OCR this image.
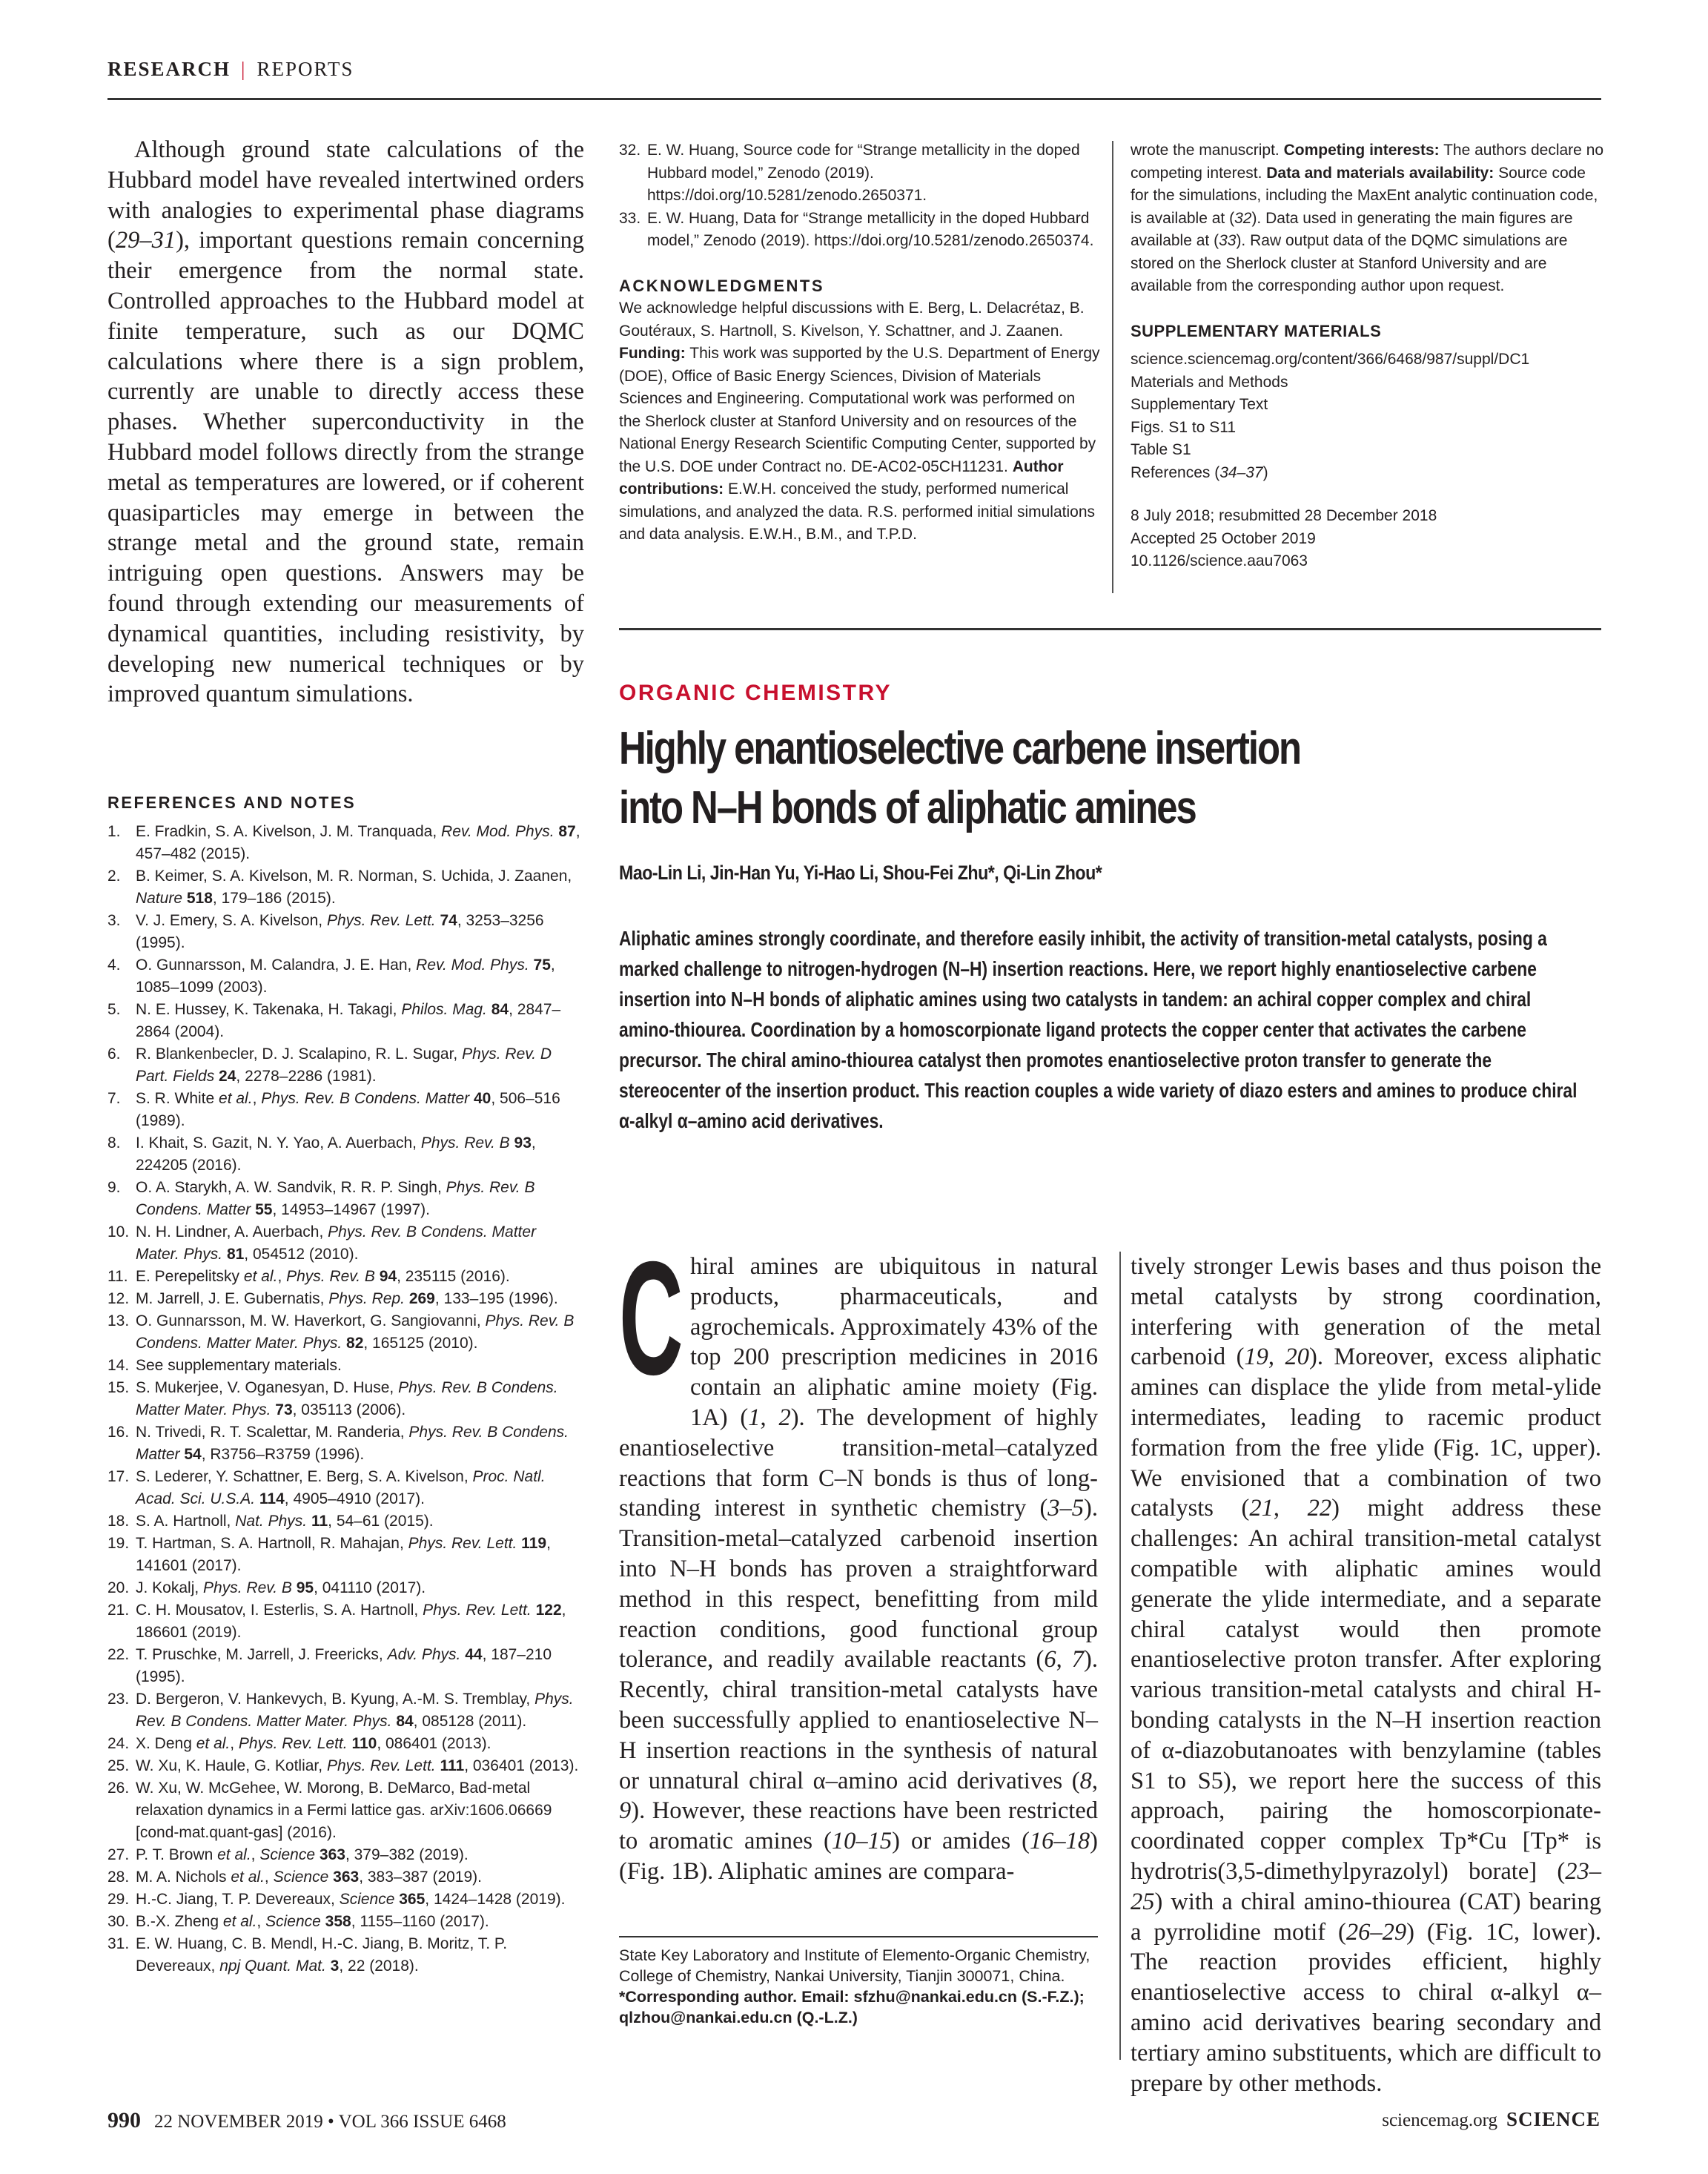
RESEARCH | REPORTS

Although ground state calculations of the Hubbard model have revealed intertwined orders with analogies to experimental phase diagrams (29–31), important questions remain concerning their emergence from the normal state. Controlled approaches to the Hubbard model at finite temperature, such as our DQMC calculations where there is a sign problem, currently are unable to directly access these phases. Whether superconductivity in the Hubbard model follows directly from the strange metal as temperatures are lowered, or if coherent quasiparticles may emerge in between the strange metal and the ground state, remain intriguing open questions. Answers may be found through extending our measurements of dynamical quantities, including resistivity, by developing new numerical techniques or by improved quantum simulations.

REFERENCES AND NOTES
1. E. Fradkin, S. A. Kivelson, J. M. Tranquada, Rev. Mod. Phys. 87, 457–482 (2015).
2. B. Keimer, S. A. Kivelson, M. R. Norman, S. Uchida, J. Zaanen, Nature 518, 179–186 (2015).
3. V. J. Emery, S. A. Kivelson, Phys. Rev. Lett. 74, 3253–3256 (1995).
4. O. Gunnarsson, M. Calandra, J. E. Han, Rev. Mod. Phys. 75, 1085–1099 (2003).
5. N. E. Hussey, K. Takenaka, H. Takagi, Philos. Mag. 84, 2847–2864 (2004).
6. R. Blankenbecler, D. J. Scalapino, R. L. Sugar, Phys. Rev. D Part. Fields 24, 2278–2286 (1981).
7. S. R. White et al., Phys. Rev. B Condens. Matter 40, 506–516 (1989).
8. I. Khait, S. Gazit, N. Y. Yao, A. Auerbach, Phys. Rev. B 93, 224205 (2016).
9. O. A. Starykh, A. W. Sandvik, R. R. P. Singh, Phys. Rev. B Condens. Matter 55, 14953–14967 (1997).
10. N. H. Lindner, A. Auerbach, Phys. Rev. B Condens. Matter Mater. Phys. 81, 054512 (2010).
11. E. Perepelitsky et al., Phys. Rev. B 94, 235115 (2016).
12. M. Jarrell, J. E. Gubernatis, Phys. Rep. 269, 133–195 (1996).
13. O. Gunnarsson, M. W. Haverkort, G. Sangiovanni, Phys. Rev. B Condens. Matter Mater. Phys. 82, 165125 (2010).
14. See supplementary materials.
15. S. Mukerjee, V. Oganesyan, D. Huse, Phys. Rev. B Condens. Matter Mater. Phys. 73, 035113 (2006).
16. N. Trivedi, R. T. Scalettar, M. Randeria, Phys. Rev. B Condens. Matter 54, R3756–R3759 (1996).
17. S. Lederer, Y. Schattner, E. Berg, S. A. Kivelson, Proc. Natl. Acad. Sci. U.S.A. 114, 4905–4910 (2017).
18. S. A. Hartnoll, Nat. Phys. 11, 54–61 (2015).
19. T. Hartman, S. A. Hartnoll, R. Mahajan, Phys. Rev. Lett. 119, 141601 (2017).
20. J. Kokalj, Phys. Rev. B 95, 041110 (2017).
21. C. H. Mousatov, I. Esterlis, S. A. Hartnoll, Phys. Rev. Lett. 122, 186601 (2019).
22. T. Pruschke, M. Jarrell, J. Freericks, Adv. Phys. 44, 187–210 (1995).
23. D. Bergeron, V. Hankevych, B. Kyung, A.-M. S. Tremblay, Phys. Rev. B Condens. Matter Mater. Phys. 84, 085128 (2011).
24. X. Deng et al., Phys. Rev. Lett. 110, 086401 (2013).
25. W. Xu, K. Haule, G. Kotliar, Phys. Rev. Lett. 111, 036401 (2013).
26. W. Xu, W. McGehee, W. Morong, B. DeMarco, Bad-metal relaxation dynamics in a Fermi lattice gas. arXiv:1606.06669 [cond-mat.quant-gas] (2016).
27. P. T. Brown et al., Science 363, 379–382 (2019).
28. M. A. Nichols et al., Science 363, 383–387 (2019).
29. H.-C. Jiang, T. P. Devereaux, Science 365, 1424–1428 (2019).
30. B.-X. Zheng et al., Science 358, 1155–1160 (2017).
31. E. W. Huang, C. B. Mendl, H.-C. Jiang, B. Moritz, T. P. Devereaux, npj Quant. Mat. 3, 22 (2018).
32. E. W. Huang, Source code for “Strange metallicity in the doped Hubbard model,” Zenodo (2019). https://doi.org/10.5281/zenodo.2650371.
33. E. W. Huang, Data for “Strange metallicity in the doped Hubbard model,” Zenodo (2019). https://doi.org/10.5281/zenodo.2650374.
ACKNOWLEDGMENTS

We acknowledge helpful discussions with E. Berg, L. Delacrétaz, B. Goutéraux, S. Hartnoll, S. Kivelson, Y. Schattner, and J. Zaanen. Funding: This work was supported by the U.S. Department of Energy (DOE), Office of Basic Energy Sciences, Division of Materials Sciences and Engineering. Computational work was performed on the Sherlock cluster at Stanford University and on resources of the National Energy Research Scientific Computing Center, supported by the U.S. DOE under Contract no. DE-AC02-05CH11231. Author contributions: E.W.H. conceived the study, performed numerical simulations, and analyzed the data. R.S. performed initial simulations and data analysis. E.W.H., B.M., and T.P.D.

wrote the manuscript. Competing interests: The authors declare no competing interest. Data and materials availability: Source code for the simulations, including the MaxEnt analytic continuation code, is available at (32). Data used in generating the main figures are available at (33). Raw output data of the DQMC simulations are stored on the Sherlock cluster at Stanford University and are available from the corresponding author upon request.

SUPPLEMENTARY MATERIALS

science.sciencemag.org/content/366/6468/987/suppl/DC1

Materials and Methods

Supplementary Text

Figs. S1 to S11

Table S1

References (34–37)

8 July 2018; resubmitted 28 December 2018

Accepted 25 October 2019

10.1126/science.aau7063

ORGANIC CHEMISTRY
Highly enantioselective carbene insertion
into N–H bonds of aliphatic amines
Mao-Lin Li, Jin-Han Yu, Yi-Hao Li, Shou-Fei Zhu*, Qi-Lin Zhou*

Aliphatic amines strongly coordinate, and therefore easily inhibit, the activity of transition-metal catalysts, posing a marked challenge to nitrogen-hydrogen (N–H) insertion reactions. Here, we report highly enantioselective carbene insertion into N–H bonds of aliphatic amines using two catalysts in tandem: an achiral copper complex and chiral amino-thiourea. Coordination by a homoscorpionate ligand protects the copper center that activates the carbene precursor. The chiral amino-thiourea catalyst then promotes enantioselective proton transfer to generate the stereocenter of the insertion product. This reaction couples a wide variety of diazo esters and amines to produce chiral α-alkyl α–amino acid derivatives.

C hiral amines are ubiquitous in natural products, pharmaceuticals, and agrochemicals. Approximately 43% of the top 200 prescription medicines in 2016 contain an aliphatic amine moiety (Fig. 1A) (1, 2). The development of highly enantioselective transition-metal–catalyzed reactions that form C–N bonds is thus of long-standing interest in synthetic chemistry (3–5). Transition-metal–catalyzed carbenoid insertion into N–H bonds has proven a straightforward method in this respect, benefitting from mild reaction conditions, good functional group tolerance, and readily available reactants (6, 7). Recently, chiral transition-metal catalysts have been successfully applied to enantioselective N–H insertion reactions in the synthesis of natural or unnatural chiral α–amino acid derivatives (8, 9). However, these reactions have been restricted to aromatic amines (10–15) or amides (16–18) (Fig. 1B). Aliphatic amines are compara-

State Key Laboratory and Institute of Elemento-Organic Chemistry, College of Chemistry, Nankai University, Tianjin 300071, China.

*Corresponding author. Email: sfzhu@nankai.edu.cn (S.-F.Z.); qlzhou@nankai.edu.cn (Q.-L.Z.)

tively stronger Lewis bases and thus poison the metal catalysts by strong coordination, interfering with generation of the metal carbenoid (19, 20). Moreover, excess aliphatic amines can displace the ylide from metal-ylide intermediates, leading to racemic product formation from the free ylide (Fig. 1C, upper). We envisioned that a combination of two catalysts (21, 22) might address these challenges: An achiral transition-metal catalyst compatible with aliphatic amines would generate the ylide intermediate, and a separate chiral catalyst would then promote enantioselective proton transfer. After exploring various transition-metal catalysts and chiral H-bonding catalysts in the N–H insertion reaction of α-diazobutanoates with benzylamine (tables S1 to S5), we report here the success of this approach, pairing the homoscorpionate-coordinated copper complex Tp*Cu [Tp* is hydrotris(3,5-dimethylpyrazolyl) borate] (23–25) with a chiral amino-thiourea (CAT) bearing a pyrrolidine motif (26–29) (Fig. 1C, lower). The reaction provides efficient, highly enantioselective access to chiral α-alkyl α–amino acid derivatives bearing secondary and tertiary amino substituents, which are difficult to prepare by other methods.

990 22 NOVEMBER 2019 • VOL 366 ISSUE 6468	sciencemag.org SCIENCE
